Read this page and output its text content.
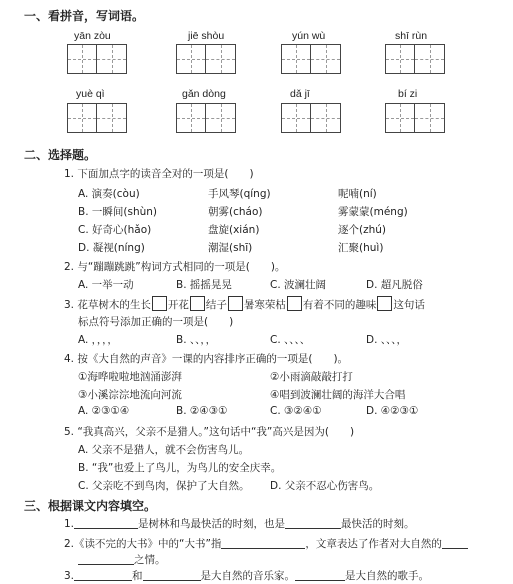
一、看拼音，写词语。
yān zòu	jiē shòu	yún wù	shī rùn
yuè qì	gǎn dòng	dǎ jī	bí zi
二、选择题。
1. 下面加点字的读音全对的一项是(　　)
A. 演奏(còu)	手风琴(qíng)	呢喃(ní)
B. 一瞬间(shùn)	朝雾(cháo)	雾蒙蒙(méng)
C. 好奇心(hǎo)	盘旋(xián)	逐个(zhú)
D. 凝视(níng)	潮湿(shī)	汇聚(huì)
2. 与“蹦蹦跳跳”构词方式相同的一项是(　　)。
A. 一举一动	B. 摇摇晃晃	C. 波澜壮阔	D. 超凡脱俗
3. 花草树木的生长 开花 结子 暑寒荣枯 有着不同的趣味 这句话
标点符号添加正确的一项是(　　)
A. ，，，，	B. 、、，，	C. 、、、、	D. 、、、，
4. 按《大自然的声音》一课的内容排序正确的一项是(　　)。
①海哗啦啦地汹涌澎湃	②小雨滴敲敲打打
③小溪淙淙地流向河流	④唱到波澜壮阔的海洋大合唱
A. ②③①④	B. ②④③①	C. ③②④①	D. ④②③①
5. “我真高兴，父亲不是猎人。”这句话中“我”高兴是因为(　　)
A. 父亲不是猎人，就不会伤害鸟儿。
B. “我”也爱上了鸟儿，为鸟儿的安全庆幸。
C. 父亲吃不到鸟肉，保护了大自然。 D. 父亲不忍心伤害鸟。
三、根据课文内容填空。
1.	是树林和鸟最快活的时刻，也是	最快活的时刻。
2.《读不完的大书》中的“大书”指	，文章表达了作者对大自然的
之情。
3.	和	是大自然的音乐家。	是大自然的歌手。
